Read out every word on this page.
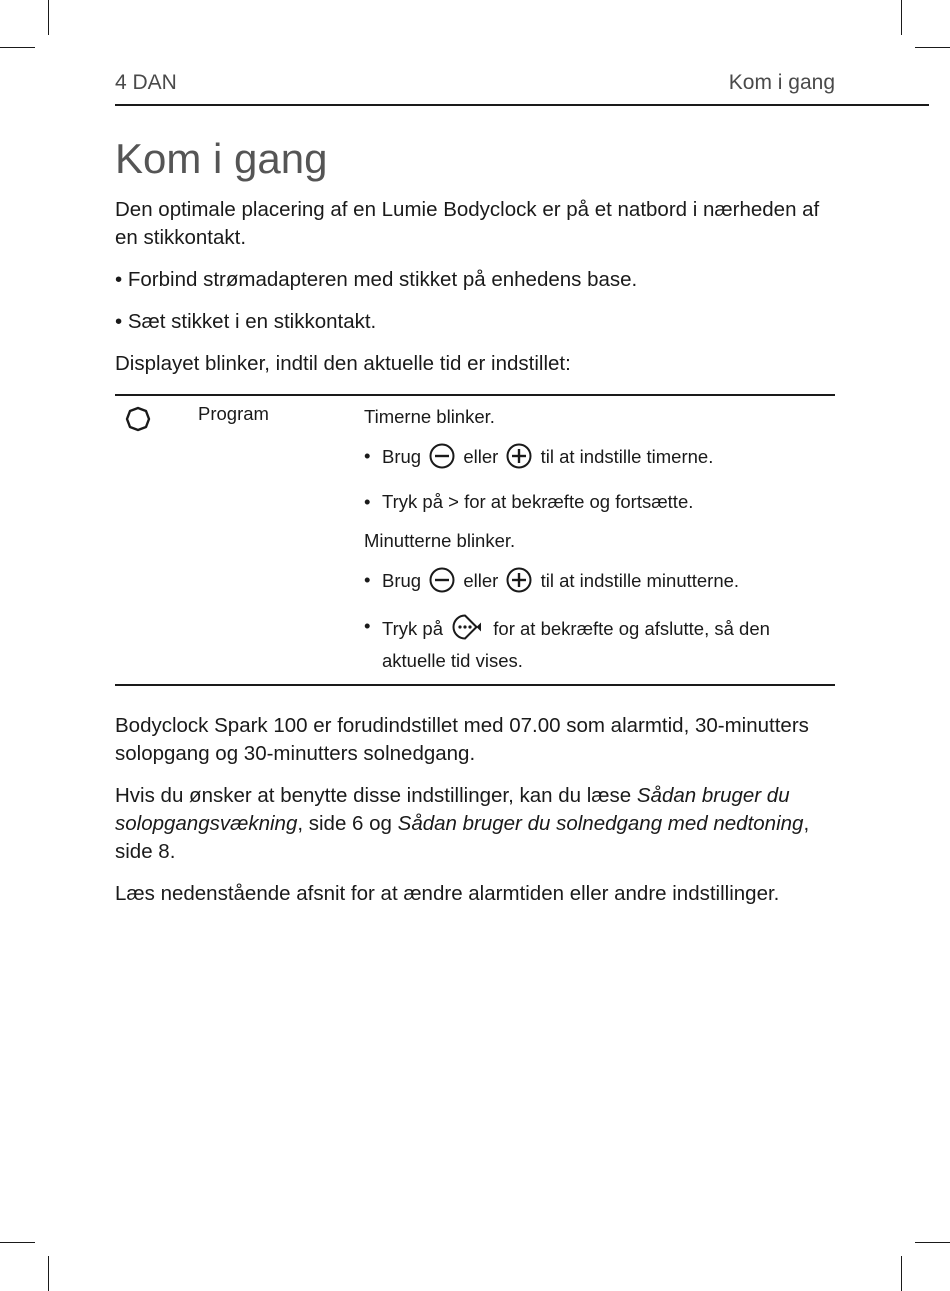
4 DAN	Kom i gang
Kom i gang

Den optimale placering af en Lumie Bodyclock er på et natbord i nærheden af en stikkontakt.

• Forbind strømadapteren med stikket på enhedens base.

• Sæt stikket i en stikkontakt.

Displayet blinker, indtil den aktuelle tid er indstillet:

Program	Timerne blinker.
• Brug eller til at indstille timerne.
• Tryk på > for at bekræfte og fortsætte.
Minutterne blinker.
• Brug eller til at indstille minutterne.
• Tryk på	for at bekræfte og afslutte, så den aktuelle tid vises.

Bodyclock Spark 100 er forudindstillet med 07.00 som alarmtid, 30-minutters solopgang og 30-minutters solnedgang.

Hvis du ønsker at benytte disse indstillinger, kan du læse Sådan bruger du solopgangsvækning, side 6 og Sådan bruger du solnedgang med nedtoning, side 8.

Læs nedenstående afsnit for at ændre alarmtiden eller andre indstillinger.
